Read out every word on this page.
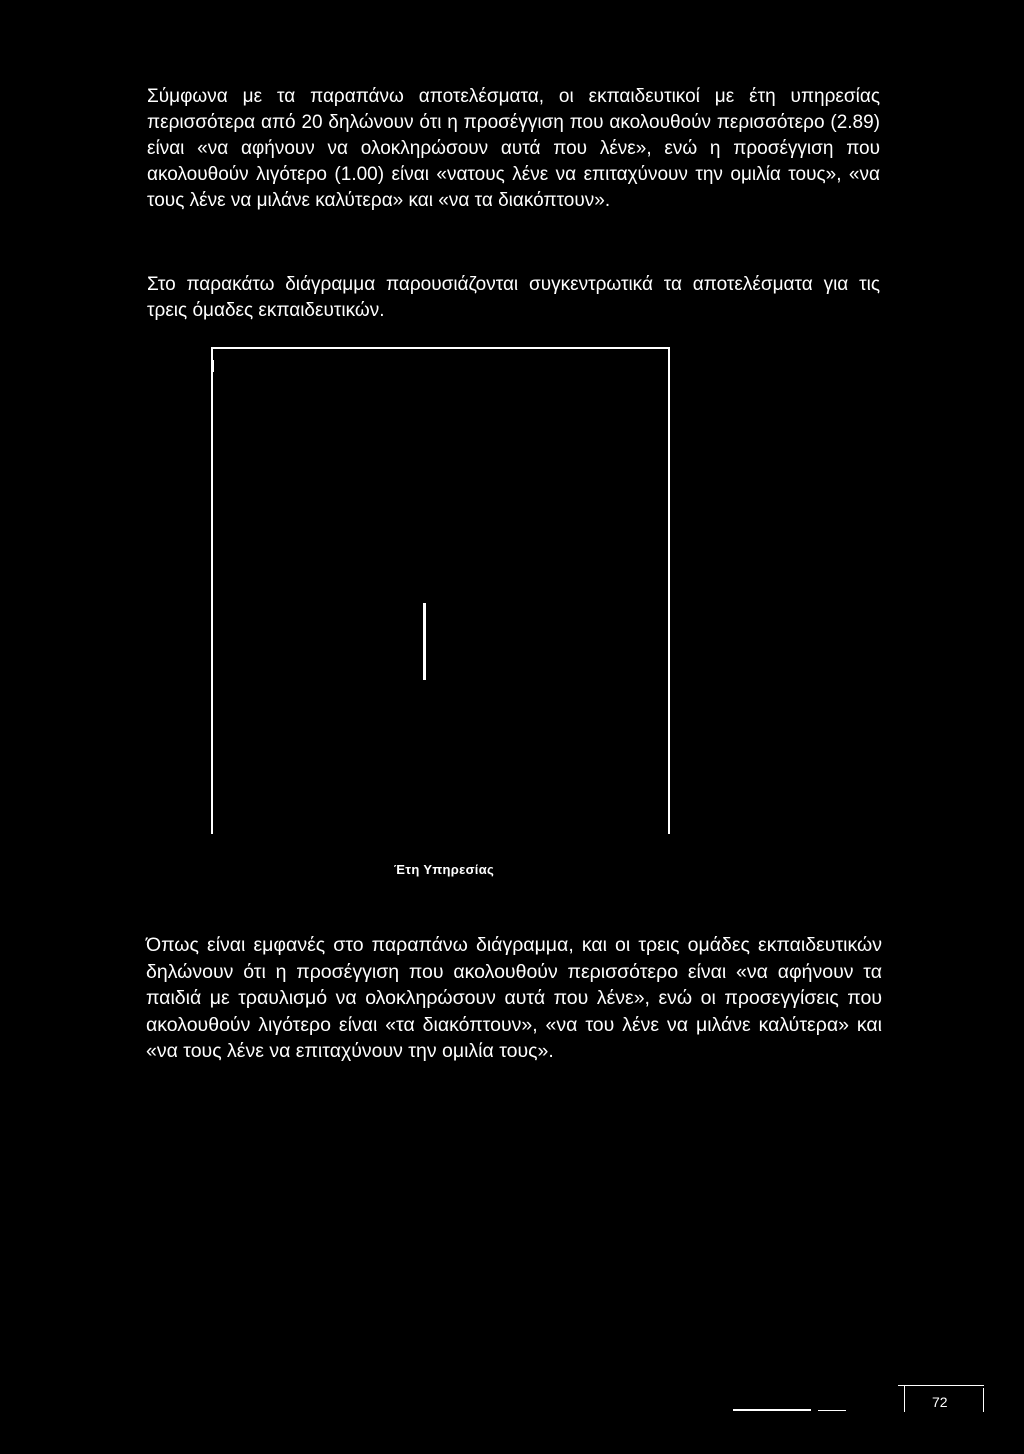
Σύμφωνα με τα παραπάνω αποτελέσματα, οι εκπαιδευτικοί με έτη υπηρεσίας περισσότερα από 20 δηλώνουν ότι η προσέγγιση που ακολουθούν περισσότερο (2.89) είναι «να αφήνουν να ολοκληρώσουν αυτά που λένε», ενώ η προσέγγιση που ακολουθούν λιγότερο (1.00) είναι «νατους λένε να επιταχύνουν την ομιλία τους», «να τους λένε να μιλάνε καλύτερα» και «να τα διακόπτουν».

Στο παρακάτω διάγραμμα παρουσιάζονται συγκεντρωτικά τα αποτελέσματα για τις τρεις όμαδες εκπαιδευτικών.

Έτη Υπηρεσίας

Όπως είναι εμφανές στο παραπάνω διάγραμμα, και οι τρεις ομάδες εκπαιδευτικών δηλώνουν ότι η προσέγγιση που ακολουθούν περισσότερο είναι «να αφήνουν τα παιδιά με τραυλισμό να ολοκληρώσουν αυτά που λένε», ενώ οι προσεγγίσεις που ακολουθούν λιγότερο είναι «τα διακόπτουν», «να του λένε να μιλάνε καλύτερα» και «να τους λένε να επιταχύνουν την ομιλία τους».

72
